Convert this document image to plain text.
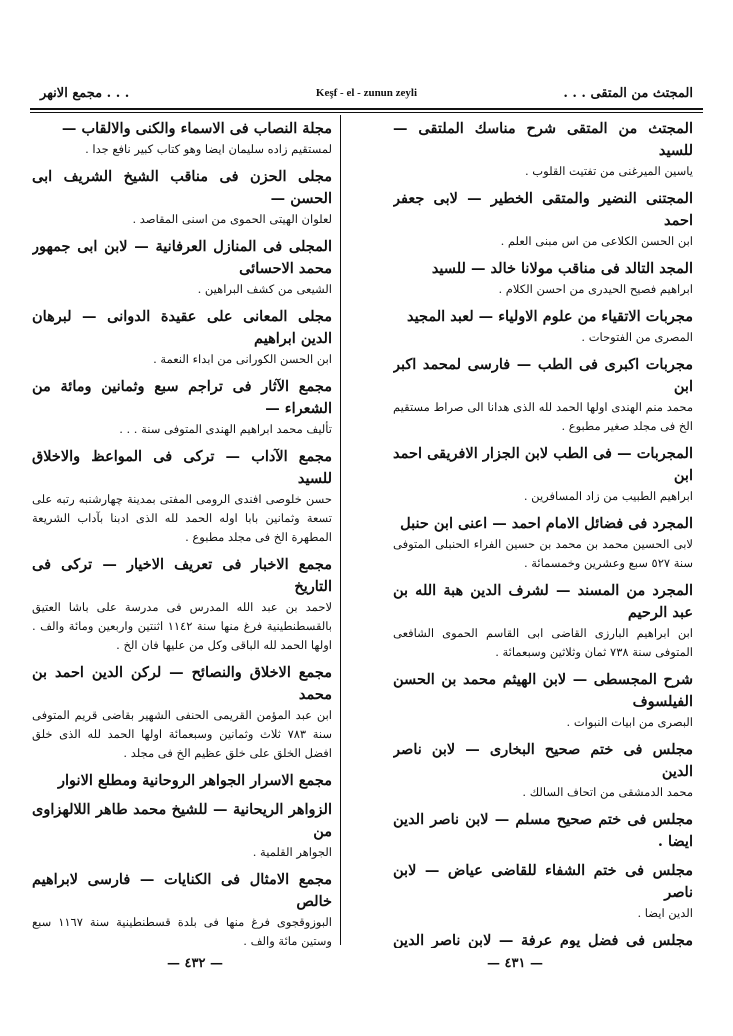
مجمع الانهر . . .	Keşf - el - zunun zeyli	المجتث من المتقى . . .
المجتث من المتقى شرح مناسك الملتقى — للسيد
ياسين الميرغنى من تفتيت القلوب .
المجتنى النضير والمتقى الخطير — لابى جعفر احمد
ابن الحسن الكلاعى من اس مبنى العلم .
المجد التالد فى مناقب مولانا خالد — للسيد
ابراهيم فصيح الحيدرى من احسن الكلام .
مجربات الاتقياء من علوم الاولياء — لعبد المجيد
المصرى من الفتوحات .
مجربات اكبرى فى الطب — فارسى لمحمد اكبر ابن
محمد منم الهندى اولها الحمد لله الذى هدانا الى صراط مستقيم الخ فى مجلد صغير مطبوع .
المجربات — فى الطب لابن الجزار الافريقى احمد ابن
ابراهيم الطبيب من زاد المسافرين .
المجرد فى فضائل الامام احمد — اعنى ابن حنبل
لابى الحسين محمد بن محمد بن حسين الفراء الحنبلى المتوفى سنة ٥٢٧ سبع وعشرين وخمسمائة .
المجرد من المسند — لشرف الدين هبة الله بن عبد الرحيم
ابن ابراهيم البارزى القاضى ابى القاسم الحموى الشافعى المتوفى سنة ٧٣٨ ثمان وثلاثين وسبعمائة .
شرح المجسطى — لابن الهيثم محمد بن الحسن الفيلسوف
البصرى من ابيات النبوات .
مجلس فى ختم صحيح البخارى — لابن ناصر الدين
محمد الدمشقى من اتحاف السالك .
مجلس فى ختم صحيح مسلم — لابن ناصر الدين ايضا .
مجلس فى ختم الشفاء للقاضى عياض — لابن ناصر
الدين ايضا .
مجلس فى فضل يوم عرفة — لابن ناصر الدين
مجلة النصاب فى الاسماء والكنى والالقاب —
لمستقيم زاده سليمان ايضا وهو كتاب كبير نافع جدا .
مجلى الحزن فى مناقب الشيخ الشريف ابى الحسن —
لعلوان الهيتى الحموى من اسنى المقاصد .
المجلى فى المنازل العرفانية — لابن ابى جمهور محمد الاحسائى
الشيعى من كشف البراهين .
مجلى المعانى على عقيدة الدوانى — لبرهان الدين ابراهيم
ابن الحسن الكورانى من ابداء النعمة .
مجمع الآثار فى تراجم سبع وثمانين ومائة من الشعراء —
تأليف محمد ابراهيم الهندى المتوفى سنة . . .
مجمع الآداب — تركى فى المواعظ والاخلاق للسيد
حسن خلوصى افندى الرومى المفتى بمدينة چهارشنبه رتبه على تسعة وثمانين بابا اوله الحمد لله الذى ادبنا بآداب الشريعة المطهرة الخ فى مجلد مطبوع .
مجمع الاخبار فى تعريف الاخيار — تركى فى التاريخ
لاحمد بن عبد الله المدرس فى مدرسة على باشا العتيق بالقسطنطينية فرغ منها سنة ١١٤٢ اثنتين واربعين ومائة والف . اولها الحمد لله الباقى وكل من عليها فان الخ .
مجمع الاخلاق والنصائح — لركن الدين احمد بن محمد
ابن عبد المؤمن القريمى الحنفى الشهير بقاضى قريم المتوفى سنة ٧٨٣ ثلاث وثمانين وسبعمائة اولها الحمد لله الذى خلق افضل الخلق على خلق عظيم الخ فى مجلد .
مجمع الاسرار الجواهر الروحانية ومطلع الانوار
الزواهر الريحانية — للشيخ محمد طاهر اللالهزاوى من
الجواهر القلمية .
مجمع الامثال فى الكنايات — فارسى لابراهيم خالص
البوزوقجوى فرغ منها فى بلدة قسطنطينية سنة ١١٦٧ سبع وستين مائة والف .
— ٤٣١ —
— ٤٣٢ —
